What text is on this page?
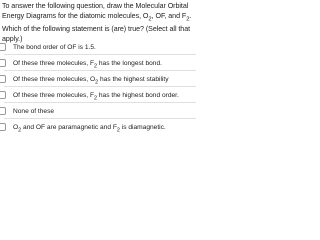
To answer the following question, draw the Molecular Orbital Energy Diagrams for the diatomic molecules, $O_2$, OF, and $F_2$. Which of the following statement is (are) true? (Select all that apply.)
The bond order of OF is 1.5.
Of these three molecules, $F_2$ has the longest bond.
Of these three molecules, $O_2$ has the highest stability
Of these three molecules, $F_2$ has the highest bond order.
None of these
$O_2$ and OF are paramagnetic and $F_2$ is diamagnetic.
